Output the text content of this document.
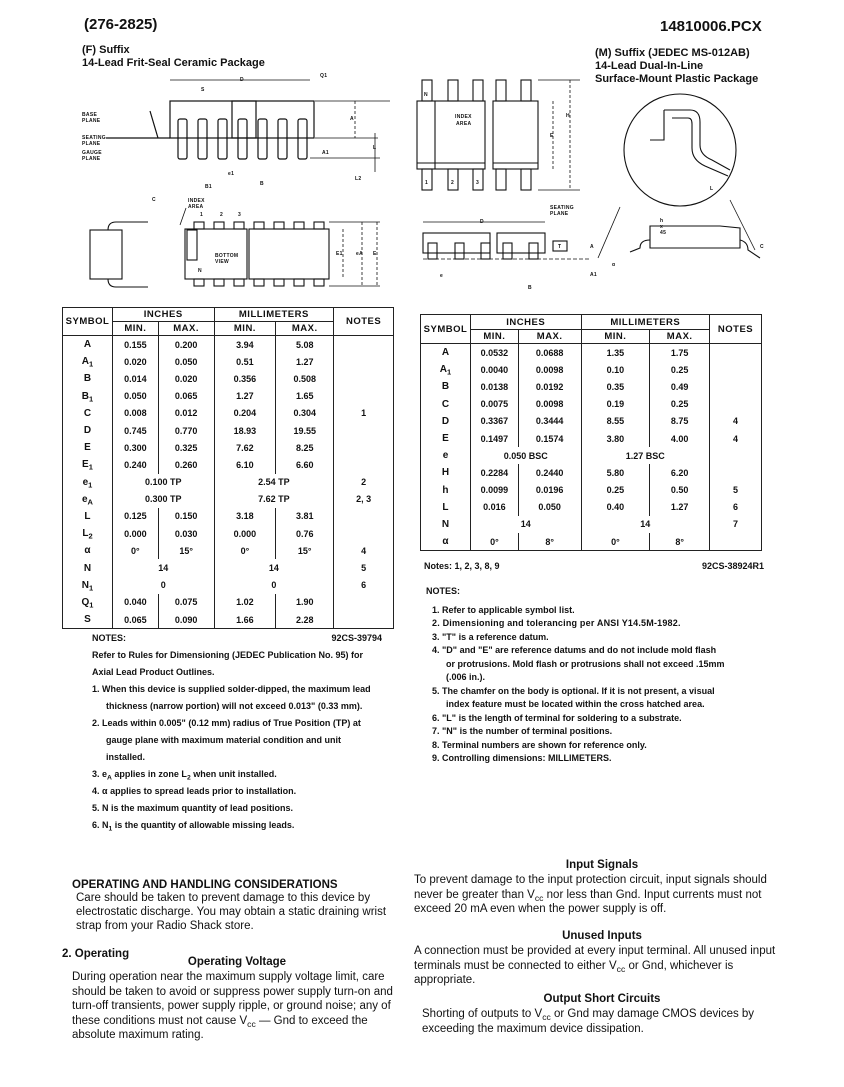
(276-2825)	14810006.PCX
(F) Suffix
14-Lead Frit-Seal Ceramic Package
BASE PLANE
SEATING PLANE
GAUGE PLANE
D
S
Q1
A
A1
L
L2
e1
B1	B
INDEX AREA
1	2	3
BOTTOM VIEW
N
C
E1	eA E
(M) Suffix (JEDEC MS-012AB)
14-Lead Dual-In-Line
Surface-Mount Plastic Package
N
INDEX
AREA
1	2	3
H
E
D
e
B
A
A1
T
L
C
α
SEATING PLANE
h x 45
SYMBOL	INCHES		MILLIMETERS		NOTES
	MIN.	MAX.	MIN.	MAX.	
A	0.155	0.200	3.94	5.08	
$A_1$	0.020	0.050	0.51	1.27	
B	0.014	0.020	0.356	0.508	
$B_1$	0.050	0.065	1.27	1.65	
C	0.008	0.012	0.204	0.304	1
D	0.745	0.770	18.93	19.55	
E	0.300	0.325	7.62	8.25	
$E_1$	0.240	0.260	6.10	6.60	
$e_1$	0.100 TP		2.54 TP		2
$e_A$	0.300 TP		7.62 TP		2, 3
L	0.125	0.150	3.18	3.81	
$L_2$	0.000	0.030	0.000	0.76	
α	0°	15°	0°	15°	4
N	14		14		5
$N_1$	0		0		6
$Q_1$	0.040	0.075	1.02	1.90	
S	0.065	0.090	1.66	2.28	
NOTES:	92CS-39794
Refer to Rules for Dimensioning (JEDEC Publication No. 95) for Axial Lead Product Outlines.
1. When this device is supplied solder-dipped, the maximum lead thickness (narrow portion) will not exceed 0.013" (0.33 mm).
2. Leads within 0.005" (0.12 mm) radius of True Position (TP) at gauge plane with maximum material condition and unit installed.
3. $e_A$ applies in zone $L_2$ when unit installed.
4. α applies to spread leads prior to installation.
5. N is the maximum quantity of lead positions.
6. $N_1$ is the quantity of allowable missing leads.
SYMBOL	INCHES		MILLIMETERS		NOTES
	MIN.	MAX.	MIN.	MAX.	
A	0.0532	0.0688	1.35	1.75	
$A_1$	0.0040	0.0098	0.10	0.25	
B	0.0138	0.0192	0.35	0.49	
C	0.0075	0.0098	0.19	0.25	
D	0.3367	0.3444	8.55	8.75	4
E	0.1497	0.1574	3.80	4.00	4
e	0.050 BSC		1.27 BSC		
H	0.2284	0.2440	5.80	6.20	
h	0.0099	0.0196	0.25	0.50	5
L	0.016	0.050	0.40	1.27	6
N	14		14		7
α	0°	8°	0°	8°	
Notes: 1, 2, 3, 8, 9	92CS-38924R1
NOTES:
1. Refer to applicable symbol list.
2. Dimensioning and tolerancing per ANSI Y14.5M-1982.
3. "T" is a reference datum.
4. "D" and "E" are reference datums and do not include mold flash or protrusions. Mold flash or protrusions shall not exceed .15mm (.006 in.).
5. The chamfer on the body is optional. If it is not present, a visual index feature must be located within the cross hatched area.
6. "L" is the length of terminal for soldering to a substrate.
7. "N" is the number of terminal positions.
8. Terminal numbers are shown for reference only.
9. Controlling dimensions: MILLIMETERS.
OPERATING AND HANDLING CONSIDERATIONS
Care should be taken to prevent damage to this device by electrostatic discharge. You may obtain a static draining wrist strap from your Radio Shack store.
2. Operating
Operating Voltage
During operation near the maximum supply voltage limit, care should be taken to avoid or suppress power supply turn-on and turn-off transients, power supply ripple, or ground noise; any of these conditions must not cause $V_{cc}$ — Gnd to exceed the absolute maximum rating.
Input Signals
To prevent damage to the input protection circuit, input signals should never be greater than $V_{cc}$ nor less than Gnd. Input currents must not exceed 20 mA even when the power supply is off.
Unused Inputs
A connection must be provided at every input terminal. All unused input terminals must be connected to either $V_{cc}$ or Gnd, whichever is appropriate.
Output Short Circuits
Shorting of outputs to $V_{cc}$ or Gnd may damage CMOS devices by exceeding the maximum device dissipation.
